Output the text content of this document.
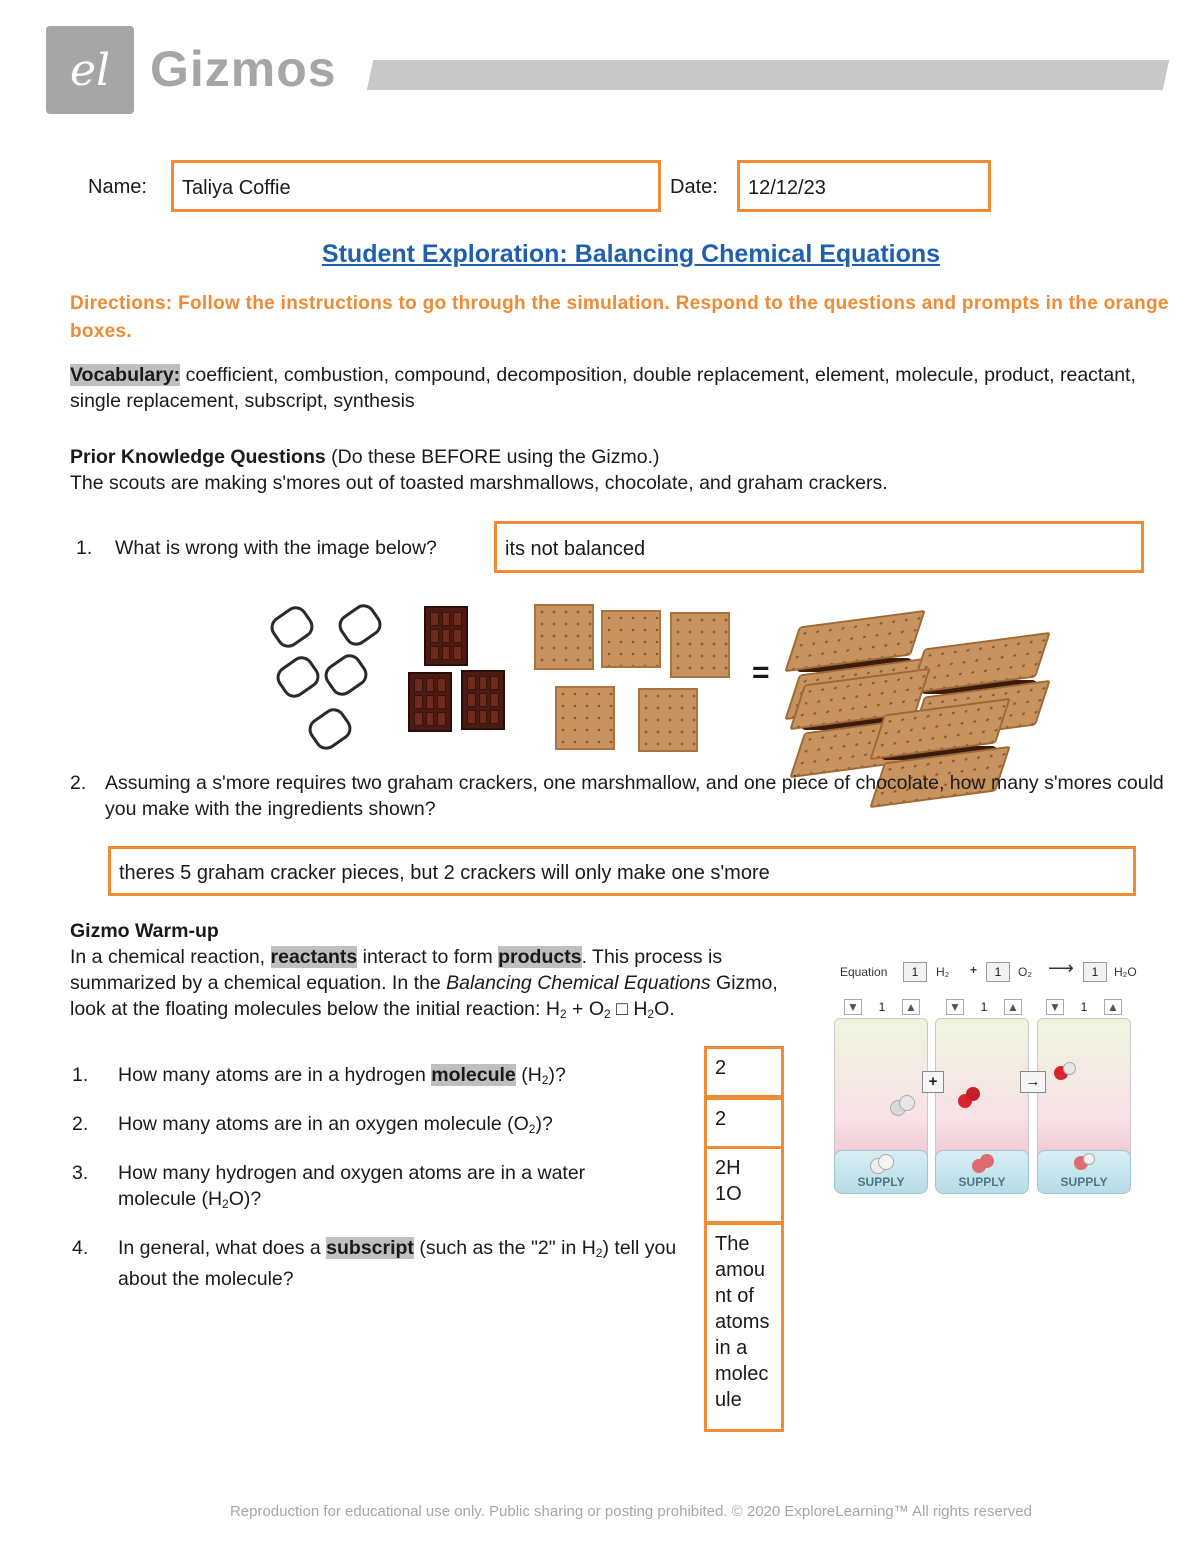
el Gizmos
Name:	Taliya Coffie	Date:	12/12/23
Student Exploration: Balancing Chemical Equations
Directions: Follow the instructions to go through the simulation. Respond to the questions and prompts in the orange boxes.
Vocabulary: coefficient, combustion, compound, decomposition, double replacement, element, molecule, product, reactant, single replacement, subscript, synthesis
Prior Knowledge Questions (Do these BEFORE using the Gizmo.)
The scouts are making s'mores out of toasted marshmallows, chocolate, and graham crackers.
1. What is wrong with the image below?	its not balanced
=
2. Assuming a s'more requires two graham crackers, one marshmallow, and one piece of chocolate, how many s'mores could you make with the ingredients shown?
theres 5 graham cracker pieces, but 2 crackers will only make one s'more
Gizmo Warm-up
In a chemical reaction, reactants interact to form products. This process is summarized by a chemical equation. In the Balancing Chemical Equations Gizmo, look at the floating molecules below the initial reaction: $H_2 + O_2$ □ $H_2O$.
1. How many atoms are in a hydrogen molecule $(H_2)$?	2
2. How many atoms are in an oxygen molecule $(O_2)$?	2
3. How many hydrogen and oxygen atoms are in a water molecule $(H_2O)$?
2H
1O
4. In general, what does a subscript (such as the "2" in $H_2$) tell you about the molecule?
The
amou
nt of
atoms
in a
molec
ule
Equation	1	H₂ +	1	O₂ ⟶	1	H₂O
▼ 1 ▲	▼ 1 ▲	▼ 1 ▲
+	→
SUPPLY	SUPPLY	SUPPLY
Reproduction for educational use only. Public sharing or posting prohibited. © 2020 ExploreLearning™ All rights reserved
